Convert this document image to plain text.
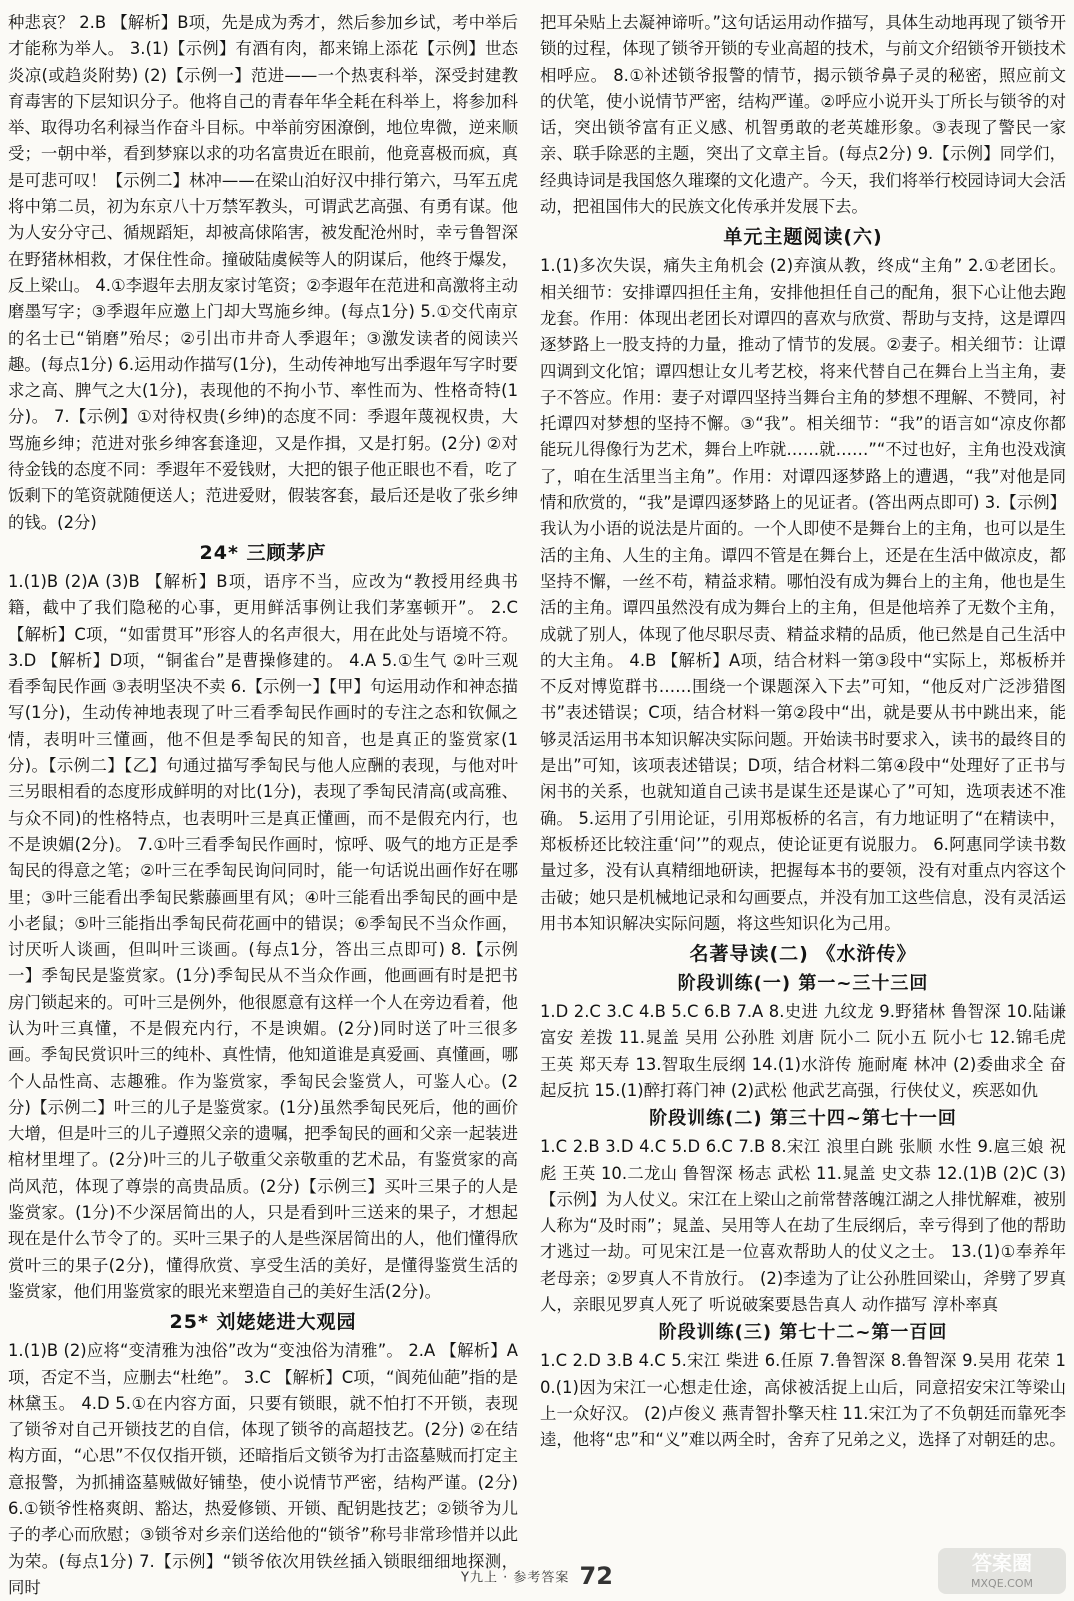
种悲哀？ 2.B 【解析】B项，先是成为秀才，然后参加乡试，考中举后才能称为举人。 3.(1)【示例】有酒有肉，都来锦上添花【示例】世态炎凉(或趋炎附势) (2)【示例一】范进——一个热衷科举，深受封建教育毒害的下层知识分子。他将自己的青春年华全耗在科举上，将参加科举、取得功名利禄当作奋斗目标。中举前穷困潦倒，地位卑微，逆来顺受；一朝中举，看到梦寐以求的功名富贵近在眼前，他竟喜极而疯，真是可悲可叹！【示例二】林冲——在梁山泊好汉中排行第六，马军五虎将中第二员，初为东京八十万禁军教头，可谓武艺高强、有勇有谋。他为人安分守己、循规蹈矩，却被高俅陷害，被发配沧州时，幸亏鲁智深在野猪林相救，才保住性命。撞破陆虞候等人的阴谋后，他终于爆发，反上梁山。 4.①李遐年去朋友家讨笔资；②李遐年在范进和高激将主动磨墨写字；③季遐年应邀上门却大骂施乡绅。(每点1分) 5.①交代南京的名士已“销磨”殆尽；②引出市井奇人季遐年；③激发读者的阅读兴趣。(每点1分) 6.运用动作描写(1分)，生动传神地写出季遐年写字时要求之高、脾气之大(1分)，表现他的不拘小节、率性而为、性格奇特(1分)。 7.【示例】①对待权贵(乡绅)的态度不同：季遐年蔑视权贵，大骂施乡绅；范进对张乡绅客套逢迎，又是作揖，又是打躬。(2分) ②对待金钱的态度不同：季遐年不爱钱财，大把的银子他正眼也不看，吃了饭剩下的笔资就随便送人；范进爱财，假装客套，最后还是收了张乡绅的钱。(2分)

24* 三顾茅庐

1.(1)B (2)A (3)B 【解析】B项，语序不当，应改为“教授用经典书籍，截中了我们隐秘的心事，更用鲜活事例让我们茅塞顿开”。 2.C 【解析】C项，“如雷贯耳”形容人的名声很大，用在此处与语境不符。 3.D 【解析】D项，“铜雀台”是曹操修建的。 4.A 5.①生气 ②叶三观看季匋民作画 ③表明坚决不卖 6.【示例一】【甲】句运用动作和神态描写(1分)，生动传神地表现了叶三看季匋民作画时的专注之态和钦佩之情，表明叶三懂画，他不但是季匋民的知音，也是真正的鉴赏家(1分)。【示例二】【乙】句通过描写季匋民与他人应酬的表现，与他对叶三另眼相看的态度形成鲜明的对比(1分)，表现了季匋民清高(或高雅、与众不同)的性格特点，也表明叶三是真正懂画，而不是假充内行，也不是谀媚(2分)。 7.①叶三看季匋民作画时，惊呼、吸气的地方正是季匋民的得意之笔；②叶三在季匋民询问同时，能一句话说出画作好在哪里；③叶三能看出季匋民紫藤画里有风；④叶三能看出季匋民的画中是小老鼠；⑤叶三能指出季匋民荷花画中的错误；⑥季匋民不当众作画，讨厌听人谈画，但叫叶三谈画。(每点1分，答出三点即可) 8.【示例一】季匋民是鉴赏家。(1分)季匋民从不当众作画，他画画有时是把书房门锁起来的。可叶三是例外，他很愿意有这样一个人在旁边看着，他认为叶三真懂，不是假充内行，不是谀媚。(2分)同时送了叶三很多画。季匋民赏识叶三的纯朴、真性情，他知道谁是真爱画、真懂画，哪个人品性高、志趣雅。作为鉴赏家，季匋民会鉴赏人，可鉴人心。(2分)【示例二】叶三的儿子是鉴赏家。(1分)虽然季匋民死后，他的画价大增，但是叶三的儿子遵照父亲的遗嘱，把季匋民的画和父亲一起装进棺材里埋了。(2分)叶三的儿子敬重父亲敬重的艺术品，有鉴赏家的高尚风范，体现了尊崇的高贵品质。(2分)【示例三】买叶三果子的人是鉴赏家。(1分)不少深居简出的人，只是看到叶三送来的果子，才想起现在是什么节令了的。买叶三果子的人是些深居简出的人，他们懂得欣赏叶三的果子(2分)，懂得欣赏、享受生活的美好，是懂得鉴赏生活的鉴赏家，他们用鉴赏家的眼光来塑造自己的美好生活(2分)。

25* 刘姥姥进大观园

1.(1)B (2)应将“变清雅为浊俗”改为“变浊俗为清雅”。 2.A 【解析】A项，否定不当，应删去“杜绝”。 3.C 【解析】C项，“阆苑仙葩”指的是林黛玉。 4.D 5.①在内容方面，只要有锁眼，就不怕打不开锁，表现了锁爷对自己开锁技艺的自信，体现了锁爷的高超技艺。(2分) ②在结构方面，“心思”不仅仅指开锁，还暗指后文锁爷为打击盗墓贼而打定主意报警，为抓捕盗墓贼做好铺垫，使小说情节严密，结构严谨。(2分) 6.①锁爷性格爽朗、豁达，热爱修锁、开锁、配钥匙技艺；②锁爷为儿子的孝心而欣慰；③锁爷对乡亲们送给他的“锁爷”称号非常珍惜并以此为荣。(每点1分) 7.【示例】“锁爷依次用铁丝插入锁眼细细地探测，同时

把耳朵贴上去凝神谛听。”这句话运用动作描写，具体生动地再现了锁爷开锁的过程，体现了锁爷开锁的专业高超的技术，与前文介绍锁爷开锁技术相呼应。 8.①补述锁爷报警的情节，揭示锁爷鼻子灵的秘密，照应前文的伏笔，使小说情节严密，结构严谨。②呼应小说开头丁所长与锁爷的对话，突出锁爷富有正义感、机智勇敢的老英雄形象。③表现了警民一家亲、联手除恶的主题，突出了文章主旨。(每点2分) 9.【示例】同学们，经典诗词是我国悠久璀璨的文化遗产。今天，我们将举行校园诗词大会活动，把祖国伟大的民族文化传承并发展下去。

单元主题阅读(六)

1.(1)多次失误，痛失主角机会 (2)弃演从教，终成“主角” 2.①老团长。相关细节：安排谭四担任主角，安排他担任自己的配角，狠下心让他去跑龙套。作用：体现出老团长对谭四的喜欢与欣赏、帮助与支持，这是谭四逐梦路上一股支持的力量，推动了情节的发展。②妻子。相关细节：让谭四调到文化馆；谭四想让女儿考艺校，将来代替自己在舞台上当主角，妻子不答应。作用：妻子对谭四坚持当舞台主角的梦想不理解、不赞同，衬托谭四对梦想的坚持不懈。③“我”。相关细节：“我”的语言如“凉皮你都能玩儿得像行为艺术，舞台上咋就……就……”“不过也好，主角也没戏演了，咱在生活里当主角”。作用：对谭四逐梦路上的遭遇，“我”对他是同情和欣赏的，“我”是谭四逐梦路上的见证者。(答出两点即可) 3.【示例】我认为小语的说法是片面的。一个人即使不是舞台上的主角，也可以是生活的主角、人生的主角。谭四不管是在舞台上，还是在生活中做凉皮，都坚持不懈，一丝不苟，精益求精。哪怕没有成为舞台上的主角，他也是生活的主角。谭四虽然没有成为舞台上的主角，但是他培养了无数个主角，成就了别人，体现了他尽职尽责、精益求精的品质，他已然是自己生活中的大主角。 4.B 【解析】A项，结合材料一第③段中“实际上，郑板桥并不反对博览群书……围绕一个课题深入下去”可知，“他反对广泛涉猎图书”表述错误；C项，结合材料一第②段中“出，就是要从书中跳出来，能够灵活运用书本知识解决实际问题。开始读书时要求入，读书的最终目的是出”可知，该项表述错误；D项，结合材料二第④段中“处理好了正书与闲书的关系，也就知道自己读书是谋生还是谋心了”可知，选项表述不准确。 5.运用了引用论证，引用郑板桥的名言，有力地证明了“在精读中，郑板桥还比较注重‘问’”的观点，使论证更有说服力。 6.阿惠同学读书数量过多，没有认真精细地研读，把握每本书的要领，没有对重点内容这个击破；她只是机械地记录和勾画要点，并没有加工这些信息，没有灵活运用书本知识解决实际问题，将这些知识化为己用。

名著导读(二) 《水浒传》
阶段训练(一) 第一~三十三回

1.D 2.C 3.C 4.B 5.C 6.B 7.A 8.史进 九纹龙 9.野猪林 鲁智深 10.陆谦 富安 差拨 11.晁盖 吴用 公孙胜 刘唐 阮小二 阮小五 阮小七 12.锦毛虎 王英 郑天寿 13.智取生辰纲 14.(1)水浒传 施耐庵 林冲 (2)委曲求全 奋起反抗 15.(1)醉打蒋门神 (2)武松 他武艺高强，行侠仗义，疾恶如仇

阶段训练(二) 第三十四~第七十一回

1.C 2.B 3.D 4.C 5.D 6.C 7.B 8.宋江 浪里白跳 张顺 水性 9.扈三娘 祝彪 王英 10.二龙山 鲁智深 杨志 武松 11.晁盖 史文恭 12.(1)B (2)C (3)【示例】为人仗义。宋江在上梁山之前常替落魄江湖之人排忧解难，被别人称为“及时雨”；晁盖、吴用等人在劫了生辰纲后，幸亏得到了他的帮助才逃过一劫。可见宋江是一位喜欢帮助人的仗义之士。 13.(1)①奉养年老母亲；②罗真人不肯放行。 (2)李逵为了让公孙胜回梁山，斧劈了罗真人，亲眼见罗真人死了 听说破案要恳告真人 动作描写 淳朴率真

阶段训练(三) 第七十二~第一百回

1.C 2.D 3.B 4.C 5.宋江 柴进 6.任原 7.鲁智深 8.鲁智深 9.吴用 花荣 10.(1)因为宋江一心想走仕途，高俅被活捉上山后，同意招安宋江等梁山上一众好汉。 (2)卢俊义 燕青智扑擎天柱 11.宋江为了不负朝廷而靠死李逵，他将“忠”和“义”难以两全时，舍弃了兄弟之义，选择了对朝廷的忠。

Y九上 · 参考答案 72	答案圈
MXQE.COM
